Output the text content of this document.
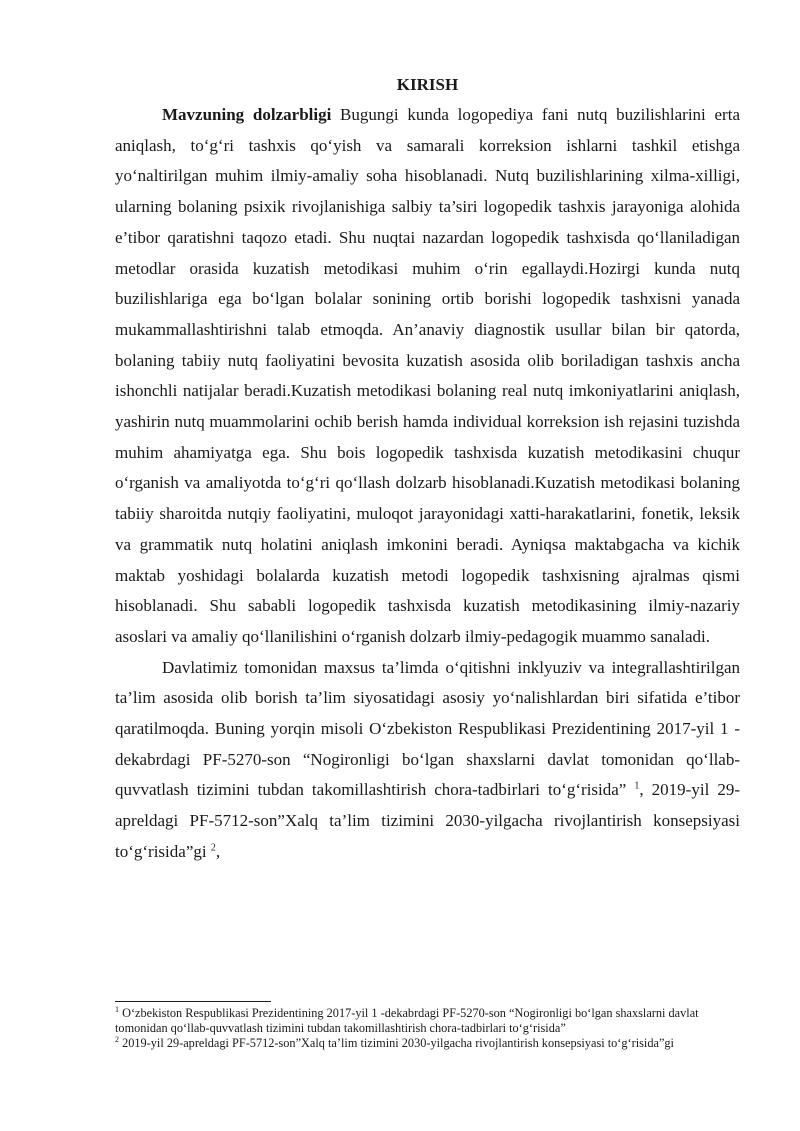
KIRISH

Mavzuning dolzarbligi Bugungi kunda logopediya fani nutq buzilishlarini erta aniqlash, to‘g‘ri tashxis qo‘yish va samarali korreksion ishlarni tashkil etishga yo‘naltirilgan muhim ilmiy-amaliy soha hisoblanadi. Nutq buzilishlarining xilma-xilligi, ularning bolaning psixik rivojlanishiga salbiy ta’siri logopedik tashxis jarayoniga alohida e’tibor qaratishni taqozo etadi. Shu nuqtai nazardan logopedik tashxisda qo‘llaniladigan metodlar orasida kuzatish metodikasi muhim o‘rin egallaydi.Hozirgi kunda nutq buzilishlariga ega bo‘lgan bolalar sonining ortib borishi logopedik tashxisni yanada mukammallashtirishni talab etmoqda. An’anaviy diagnostik usullar bilan bir qatorda, bolaning tabiiy nutq faoliyatini bevosita kuzatish asosida olib boriladigan tashxis ancha ishonchli natijalar beradi.Kuzatish metodikasi bolaning real nutq imkoniyatlarini aniqlash, yashirin nutq muammolarini ochib berish hamda individual korreksion ish rejasini tuzishda muhim ahamiyatga ega. Shu bois logopedik tashxisda kuzatish metodikasini chuqur o‘rganish va amaliyotda to‘g‘ri qo‘llash dolzarb hisoblanadi.Kuzatish metodikasi bolaning tabiiy sharoitda nutqiy faoliyatini, muloqot jarayonidagi xatti-harakatlarini, fonetik, leksik va grammatik nutq holatini aniqlash imkonini beradi. Ayniqsa maktabgacha va kichik maktab yoshidagi bolalarda kuzatish metodi logopedik tashxisning ajralmas qismi hisoblanadi. Shu sababli logopedik tashxisda kuzatish metodikasining ilmiy-nazariy asoslari va amaliy qo‘llanilishini o‘rganish dolzarb ilmiy-pedagogik muammo sanaladi.

Davlatimiz tomonidan maxsus ta’limda o‘qitishni inklyuziv va integrallashtirilgan ta’lim asosida olib borish ta’lim siyosatidagi asosiy yo‘nalishlardan biri sifatida e’tibor qaratilmoqda. Buning yorqin misoli O‘zbekiston Respublikasi Prezidentining 2017-yil 1 -dekabrdagi PF-5270-son “Nogironligi bo‘lgan shaxslarni davlat tomonidan qo‘llab-quvvatlash tizimini tubdan takomillashtirish chora-tadbirlari to‘g‘risida” $^1$, 2019-yil 29-apreldagi PF-5712-son”Xalq ta’lim tizimini 2030-yilgacha rivojlantirish konsepsiyasi to‘g‘risida”gi $^2$,

$^1$ O‘zbekiston Respublikasi Prezidentining 2017-yil 1 -dekabrdagi PF-5270-son “Nogironligi bo‘lgan shaxslarni davlat tomonidan qo‘llab-quvvatlash tizimini tubdan takomillashtirish chora-tadbirlari to‘g‘risida”

$^2$ 2019-yil 29-apreldagi PF-5712-son”Xalq ta’lim tizimini 2030-yilgacha rivojlantirish konsepsiyasi to‘g‘risida”gi
